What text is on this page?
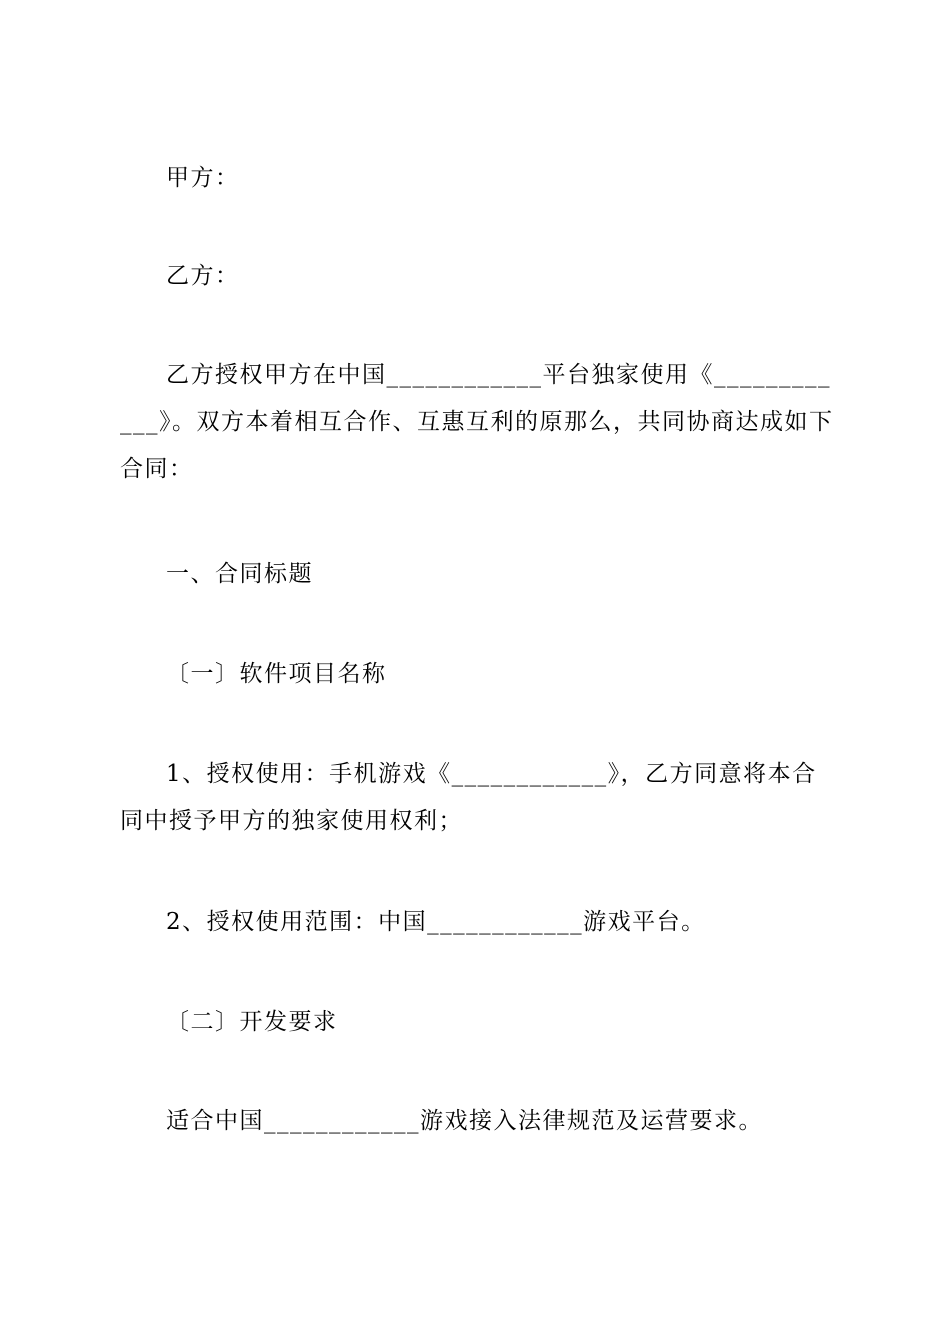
甲方：

乙方：

乙方授权甲方在中国____________平台独家使用《____________》。双方本着相互合作、互惠互利的原那么，共同协商达成如下合同：

一、合同标题

〔一〕软件项目名称

1、授权使用：手机游戏《____________》，乙方同意将本合同中授予甲方的独家使用权利；

2、授权使用范围：中国____________游戏平台。

〔二〕开发要求

适合中国____________游戏接入法律规范及运营要求。
